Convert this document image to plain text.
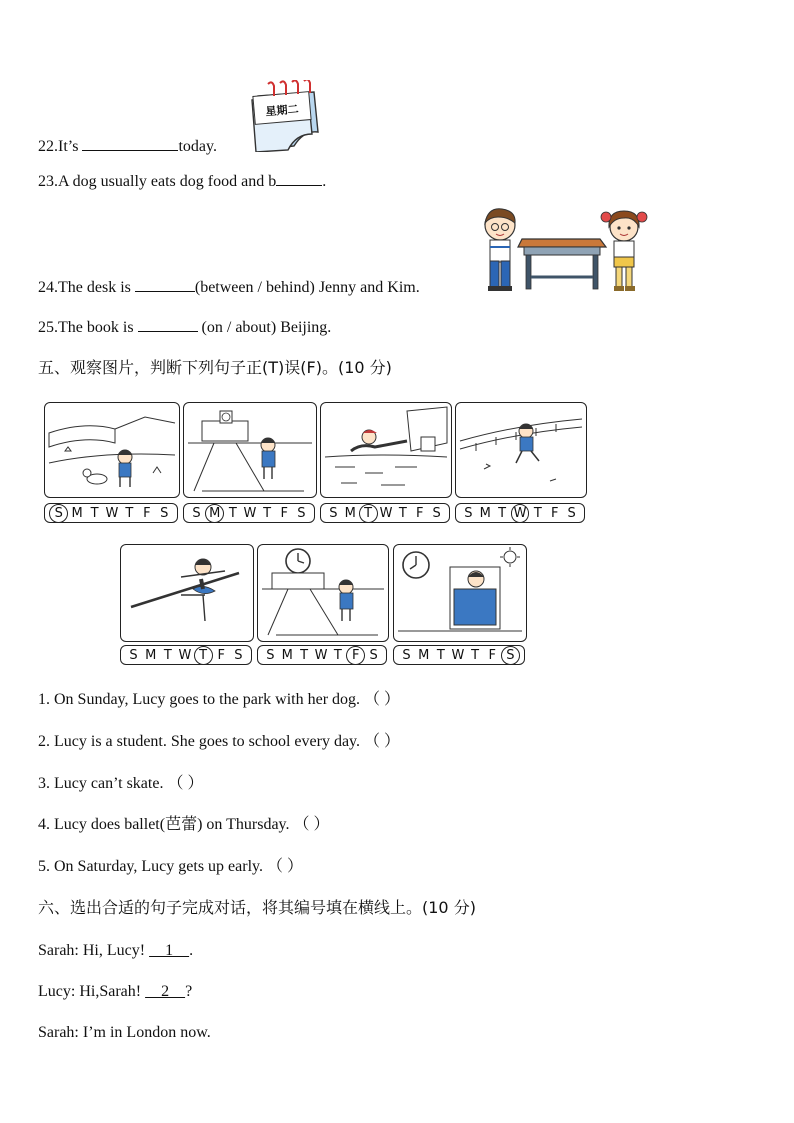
22.It’s	today.
星期二
23.A dog usually eats dog food and b	.
24.The desk is	(between / behind) Jenny and Kim.
25.The book is	(on / about) Beijing.
五、观察图片，判断下列句子正(T)误(F)。(10 分)
S M T W T F S	S M T W T F S	S M T W T F S	S M T W T F S
S M T W T F S	S M T W T F S	S M T W T F S
1. On Sunday, Lucy goes to the park with her dog. （ ）
2. Lucy is a student. She goes to school every day. （ ）
3. Lucy can’t skate. （ ）
4. Lucy does ballet(芭蕾) on Thursday. （ ）
5. On Saturday, Lucy gets up early. （ ）
六、选出合适的句子完成对话，将其编号填在横线上。(10 分)
Sarah: Hi, Lucy!     1    .
Lucy: Hi,Sarah!     2    ?
Sarah: I’m in London now.
